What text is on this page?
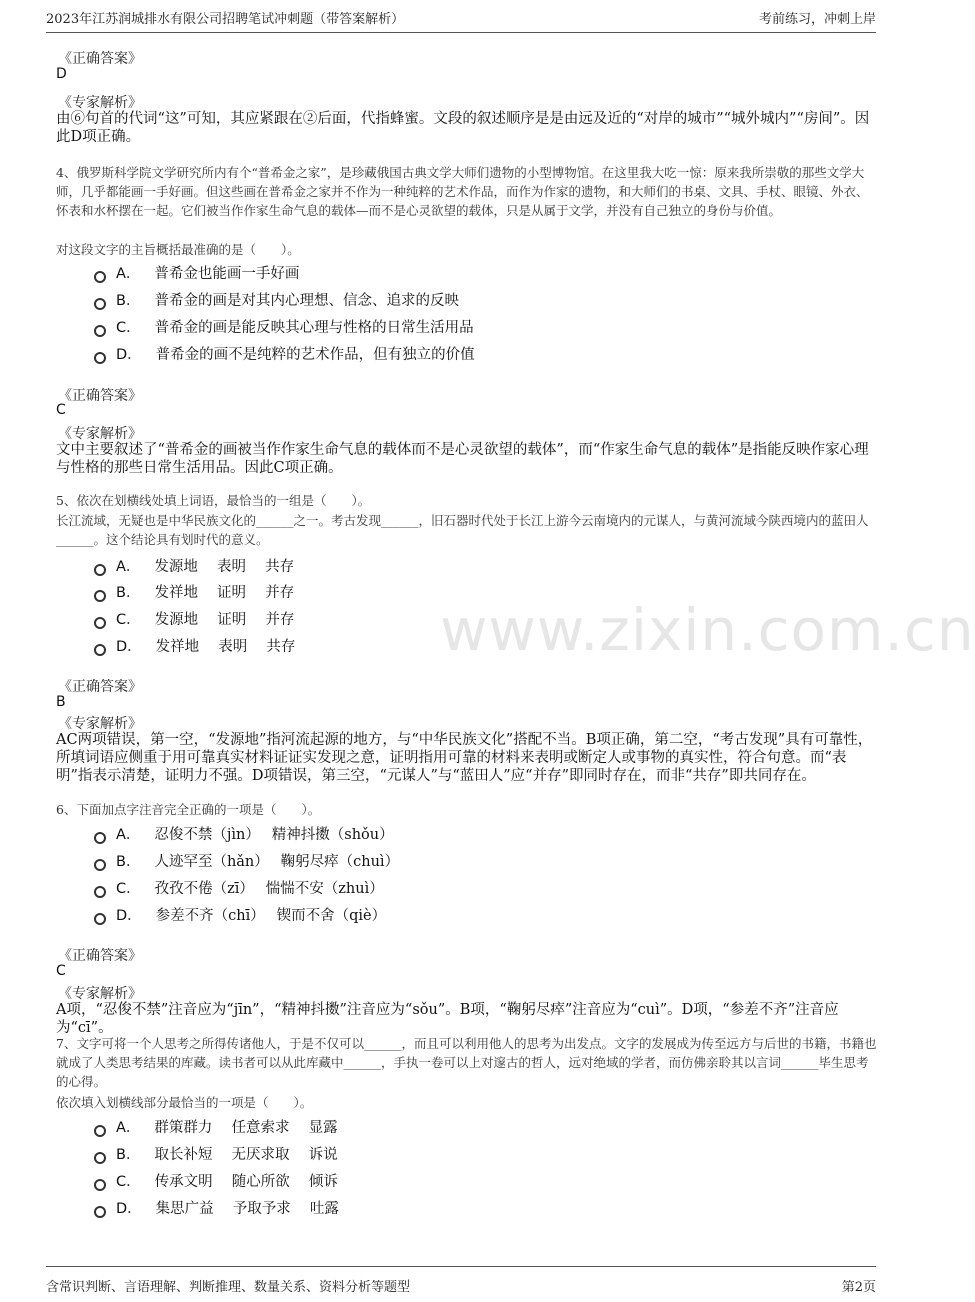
2023年江苏润城排水有限公司招聘笔试冲刺题（带答案解析）	考前练习，冲刺上岸
www.zixin.com.cn
《正确答案》
D
《专家解析》
由⑥句首的代词“这”可知，其应紧跟在②后面，代指蜂蜜。文段的叙述顺序是是由远及近的“对岸的城市”“城外城内”“房间”。因此D项正确。
4、俄罗斯科学院文学研究所内有个“普希金之家”，是珍藏俄国古典文学大师们遗物的小型博物馆。在这里我大吃一惊：原来我所崇敬的那些文学大师，几乎都能画一手好画。但这些画在普希金之家并不作为一种纯粹的艺术作品，而作为作家的遗物，和大师们的书桌、文具、手杖、眼镜、外衣、怀表和水杯摆在一起。它们被当作作家生命气息的载体—而不是心灵欲望的载体，只是从属于文学，并没有自己独立的身份与价值。
对这段文字的主旨概括最准确的是（　　）。
A． 普希金也能画一手好画
B． 普希金的画是对其内心理想、信念、追求的反映
C． 普希金的画是能反映其心理与性格的日常生活用品
D． 普希金的画不是纯粹的艺术作品，但有独立的价值
《正确答案》
C
《专家解析》
文中主要叙述了“普希金的画被当作作家生命气息的载体而不是心灵欲望的载体”，而“作家生命气息的载体”是指能反映作家心理与性格的那些日常生活用品。因此C项正确。
5、依次在划横线处填上词语，最恰当的一组是（　　）。
长江流域，无疑也是中华民族文化的______之一。考古发现______，旧石器时代处于长江上游今云南境内的元谋人，与黄河流域今陕西境内的蓝田人______。这个结论具有划时代的意义。
A． 发源地　 表明　 共存
B． 发祥地　 证明　 并存
C． 发源地　 证明　 并存
D． 发祥地　 表明　 共存
《正确答案》
B
《专家解析》
AC两项错误，第一空，“发源地”指河流起源的地方，与“中华民族文化”搭配不当。B项正确，第二空，“考古发现”具有可靠性，所填词语应侧重于用可靠真实材料证证实发现之意，证明指用可靠的材料来表明或断定人或事物的真实性，符合句意。而“表明”指表示清楚，证明力不强。D项错误，第三空，“元谋人”与“蓝田人”应“并存”即同时存在，而非“共存”即共同存在。
6、下面加点字注音完全正确的一项是（　　）。
A． 忍俊不禁（jìn）　 精神抖擞（shǒu）
B． 人迹罕至（hǎn）　 鞠躬尽瘁（chuì）
C． 孜孜不倦（zī）　 惴惴不安（zhuì）
D． 参差不齐（chī）　 锲而不舍（qiè）
《正确答案》
C
《专家解析》
A项，“忍俊不禁”注音应为“jīn”，“精神抖擞”注音应为“sǒu”。B项，“鞠躬尽瘁”注音应为“cuì”。D项，“参差不齐”注音应为“cī”。
7、文字可将一个人思考之所得传诸他人，于是不仅可以______，而且可以利用他人的思考为出发点。文字的发展成为传至远方与后世的书籍，书籍也就成了人类思考结果的库藏。读书者可以从此库藏中______，手执一卷可以上对邃古的哲人，远对绝域的学者，而仿佛亲聆其以言词______毕生思考的心得。
依次填入划横线部分最恰当的一项是（　　）。
A． 群策群力　 任意索求　 显露
B． 取长补短　 无厌求取　 诉说
C． 传承文明　 随心所欲　 倾诉
D． 集思广益　 予取予求　 吐露
含常识判断、言语理解、判断推理、数量关系、资料分析等题型	第2页
